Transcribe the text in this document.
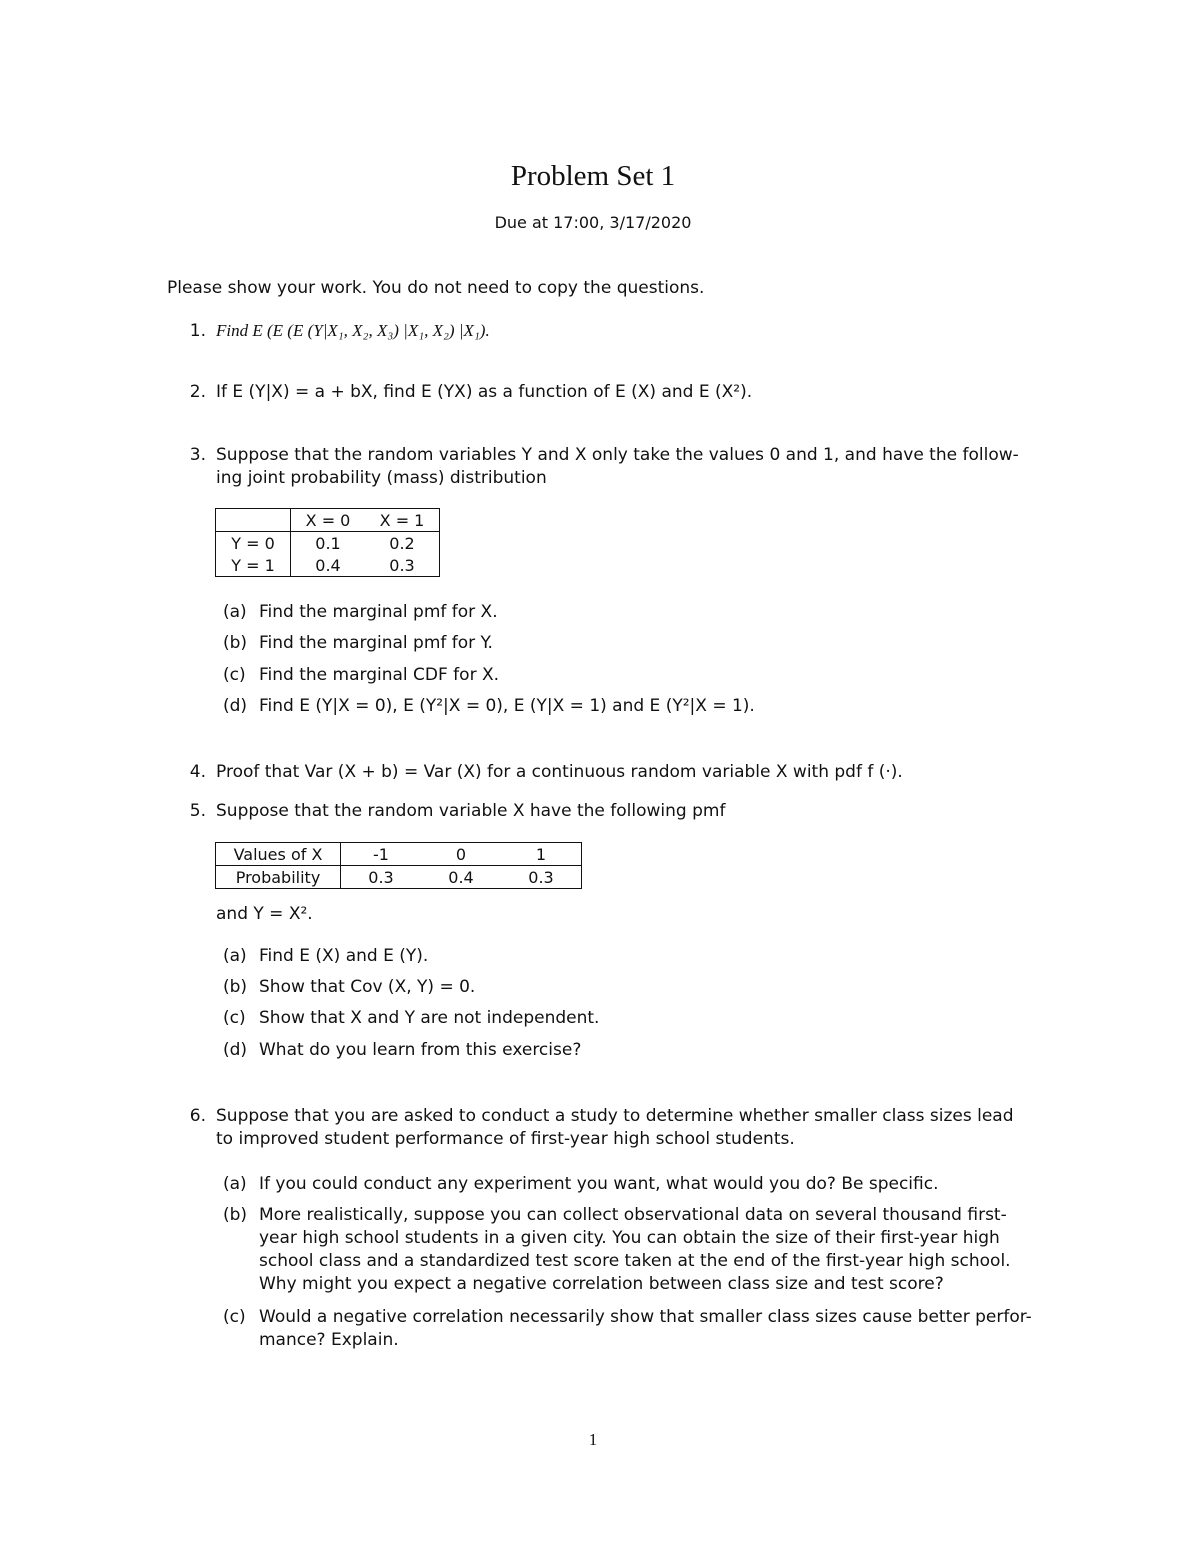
Problem Set 1
Due at 17:00, 3/17/2020
Please show your work. You do not need to copy the questions.
1. Find E (E (E (Y|X₁, X₂, X₃) |X₁, X₂) |X₁).
2. If E (Y|X) = a + bX, find E (YX) as a function of E (X) and E (X²).
3. Suppose that the random variables Y and X only take the values 0 and 1, and have the follow-
ing joint probability (mass) distribution
	X = 0	X = 1
Y = 0	0.1	0.2
Y = 1	0.4	0.3
(a) Find the marginal pmf for X.
(b) Find the marginal pmf for Y.
(c) Find the marginal CDF for X.
(d) Find E (Y|X = 0), E (Y²|X = 0), E (Y|X = 1) and E (Y²|X = 1).
4. Proof that Var (X + b) = Var (X) for a continuous random variable X with pdf f (·).
5. Suppose that the random variable X have the following pmf
Values of X	-1	0	1
Probability	0.3	0.4	0.3
and Y = X².
(a) Find E (X) and E (Y).
(b) Show that Cov (X, Y) = 0.
(c) Show that X and Y are not independent.
(d) What do you learn from this exercise?
6. Suppose that you are asked to conduct a study to determine whether smaller class sizes lead
to improved student performance of first-year high school students.
(a) If you could conduct any experiment you want, what would you do? Be specific.
(b) More realistically, suppose you can collect observational data on several thousand first-
year high school students in a given city. You can obtain the size of their first-year high
school class and a standardized test score taken at the end of the first-year high school.
Why might you expect a negative correlation between class size and test score?
(c) Would a negative correlation necessarily show that smaller class sizes cause better perfor-
mance? Explain.
1
